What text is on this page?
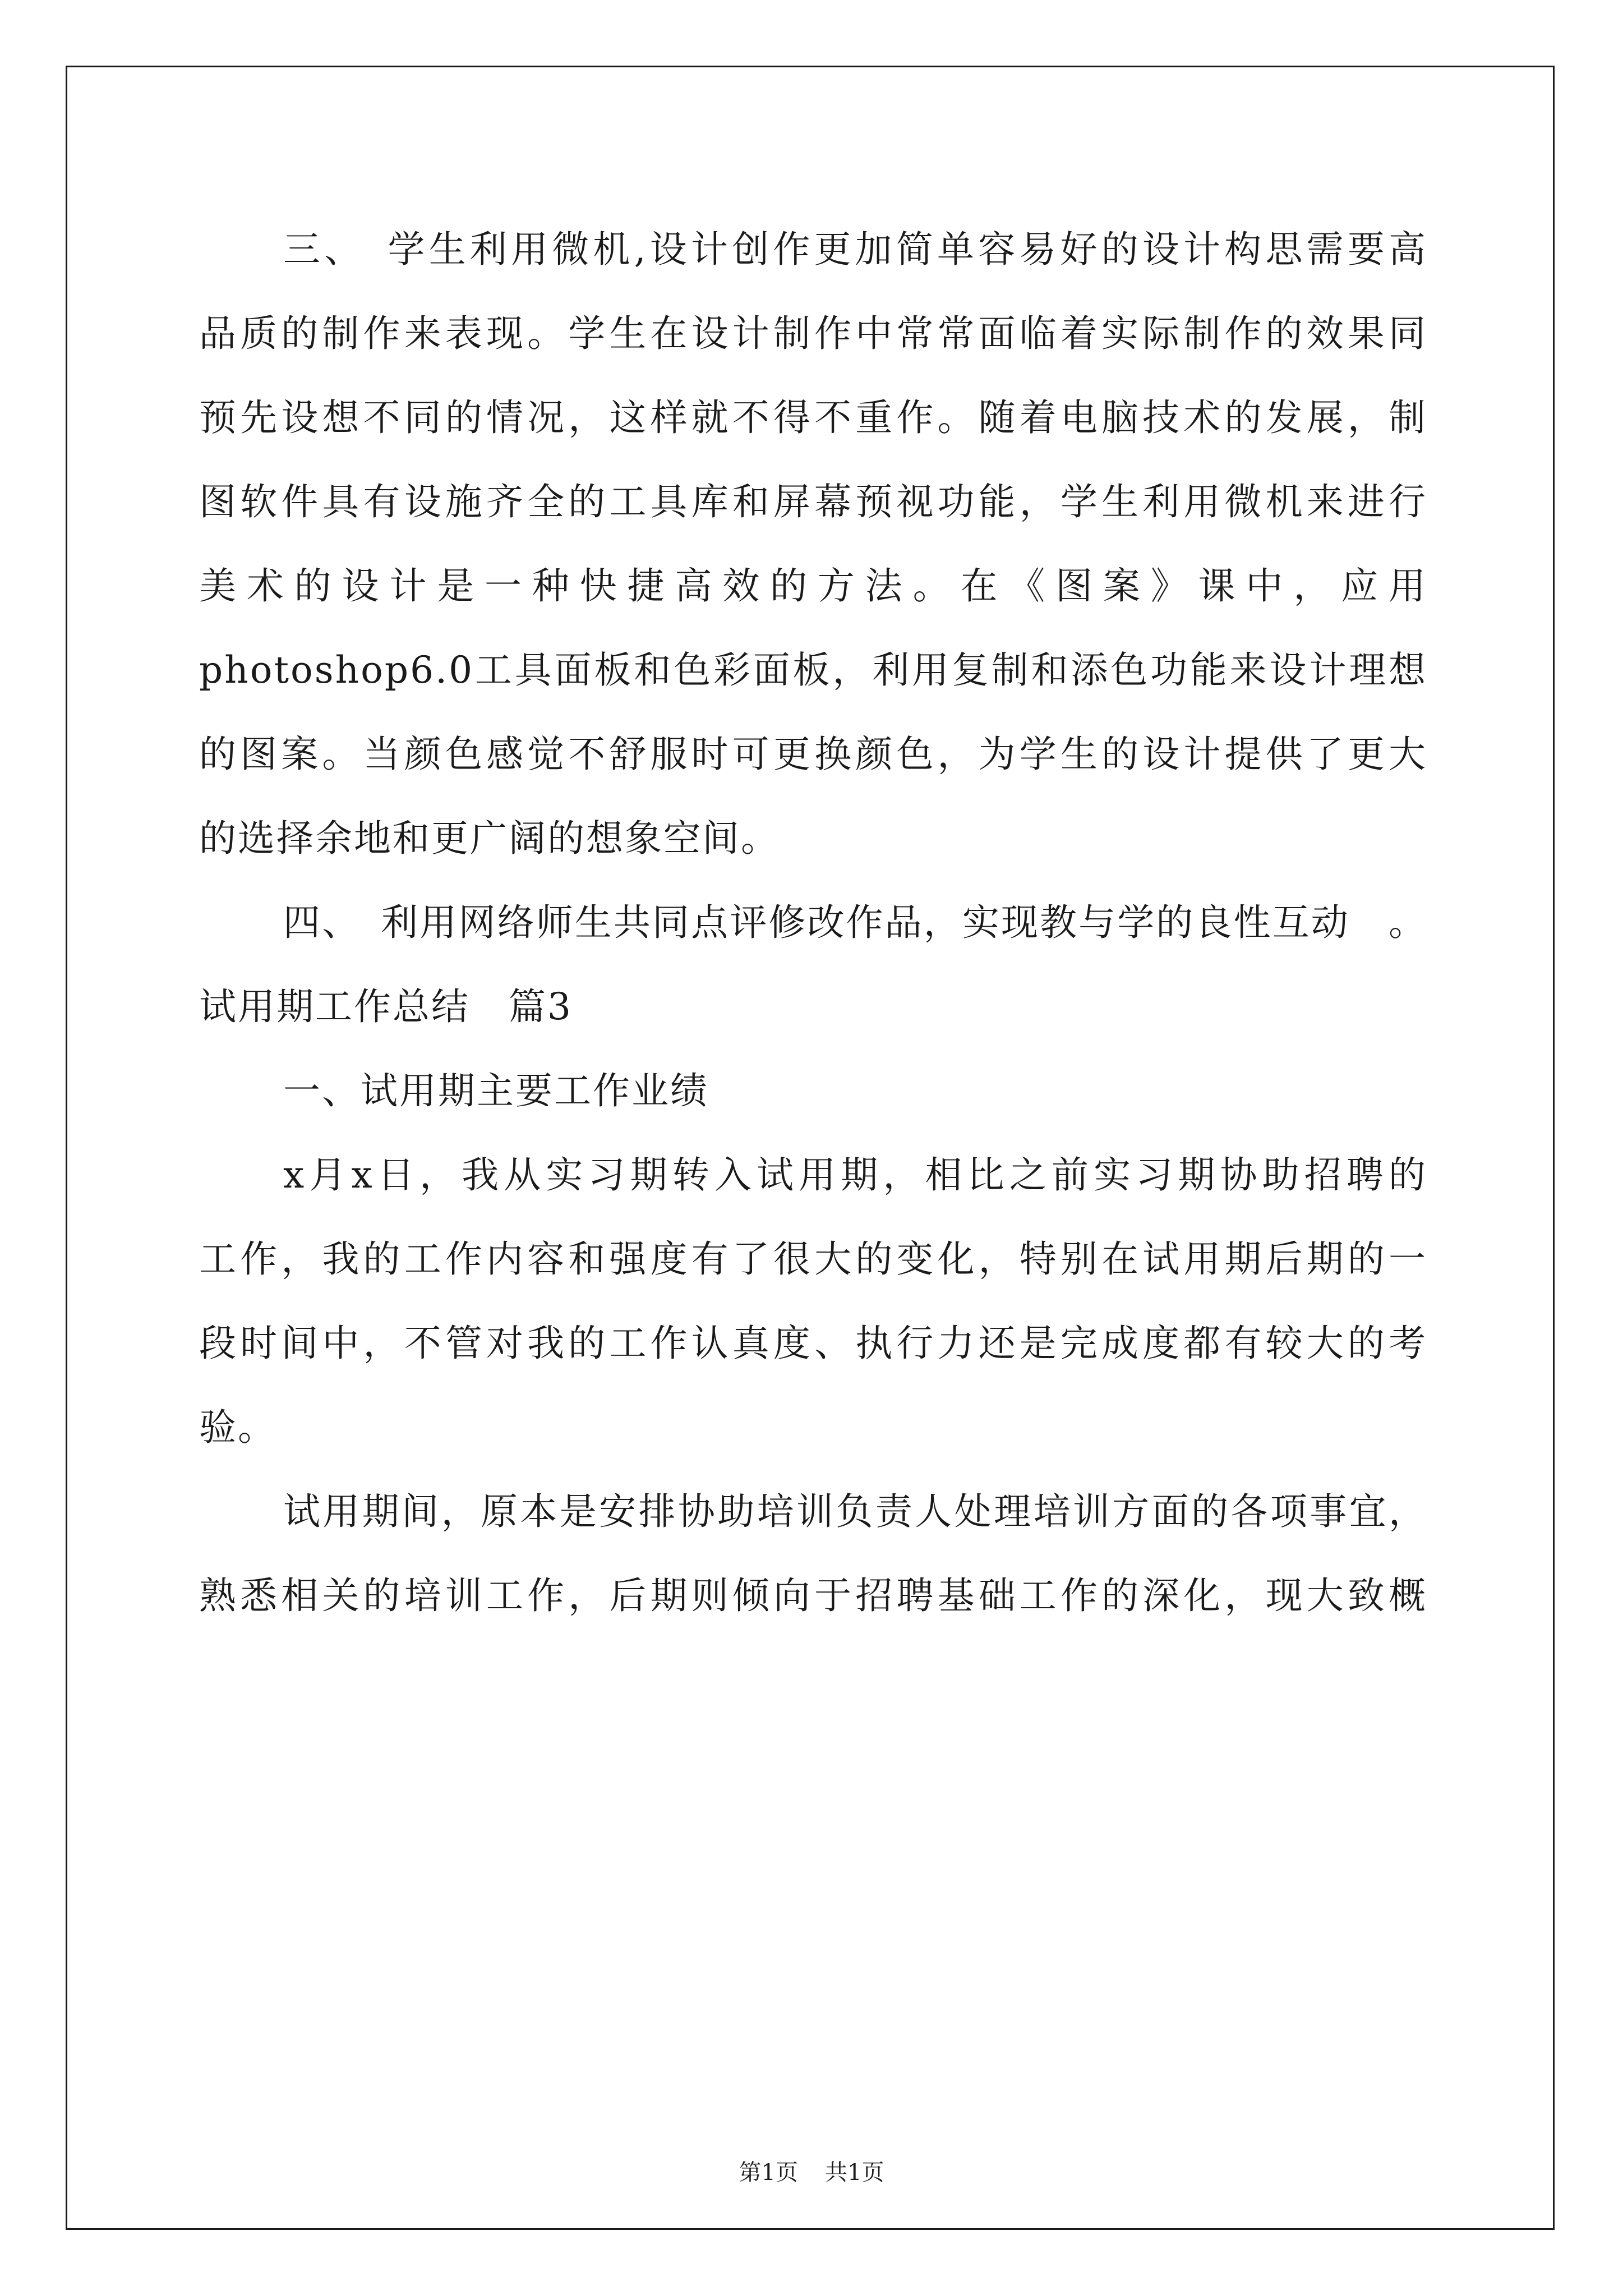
三、　学生利用微机,设计创作更加简单容易好的设计构思需要高
品质的制作来表现。学生在设计制作中常常面临着实际制作的效果同
预先设想不同的情况，这样就不得不重作。随着电脑技术的发展，制
图软件具有设施齐全的工具库和屏幕预视功能，学生利用微机来进行
美术的设计是一种快捷高效的方法。在《图案》课中，应用
photoshop6.0工具面板和色彩面板，利用复制和添色功能来设计理想
的图案。当颜色感觉不舒服时可更换颜色，为学生的设计提供了更大
的选择余地和更广阔的想象空间。
四、　利用网络师生共同点评修改作品，实现教与学的良性互动　。
试用期工作总结　篇3
一、试用期主要工作业绩
x月x日，我从实习期转入试用期，相比之前实习期协助招聘的
工作，我的工作内容和强度有了很大的变化，特别在试用期后期的一
段时间中，不管对我的工作认真度、执行力还是完成度都有较大的考
验。
试用期间，原本是安排协助培训负责人处理培训方面的各项事宜，
熟悉相关的培训工作，后期则倾向于招聘基础工作的深化，现大致概
第1页 共1页
